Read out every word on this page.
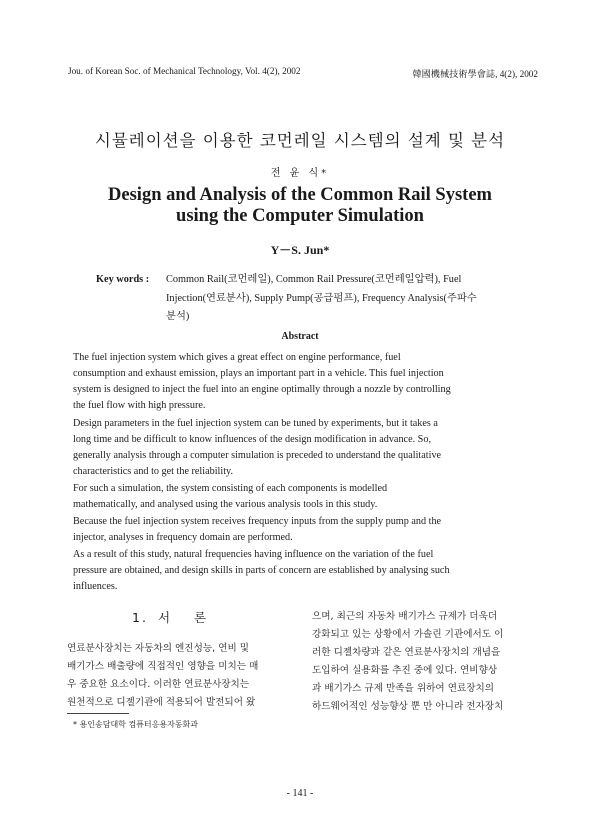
Jou. of Korean Soc. of Mechanical Technology, Vol. 4(2), 2002	韓國機械技術學會誌, 4(2), 2002
시뮬레이션을 이용한 코먼레일 시스템의 설계 및 분석
전 윤 식*
Design and Analysis of the Common Rail System
using the Computer Simulation
Y－S. Jun*
Key words : Common Rail(코먼레일), Common Rail Pressure(코먼레일압력), Fuel
Injection(연료분사), Supply Pump(공급펌프), Frequency Analysis(주파수
분석)
Abstract
The fuel injection system which gives a great effect on engine performance, fuel
consumption and exhaust emission, plays an important part in a vehicle. This fuel injection
system is designed to inject the fuel into an engine optimally through a nozzle by controlling
the fuel flow with high pressure.
Design parameters in the fuel injection system can be tuned by experiments, but it takes a
long time and be difficult to know influences of the design modification in advance. So,
generally analysis through a computer simulation is preceded to understand the qualitative
characteristics and to get the reliability.
For such a simulation, the system consisting of each components is modelled
mathematically, and analysed using the various analysis tools in this study.
Because the fuel injection system receives frequency inputs from the supply pump and the
injector, analyses in frequency domain are performed.
As a result of this study, natural frequencies having influence on the variation of the fuel
pressure are obtained, and design skills in parts of concern are established by analysing such
influences.
1. 서 론
연료분사장치는 자동차의 엔진성능, 연비 및
배기가스 배출량에 직접적인 영향을 미치는 매
우 중요한 요소이다. 이러한 연료분사장치는
원천적으로 디젤기관에 적용되어 발전되어 왔
으며, 최근의 자동차 배기가스 규제가 더욱더
강화되고 있는 상황에서 가솔린 기관에서도 이
러한 디젤차량과 같은 연료분사장치의 개념을
도입하여 실용화를 추진 중에 있다. 연비향상
과 배기가스 규제 만족을 위하여 연료장치의
하드웨어적인 성능향상 뿐 만 아니라 전자장치
* 용인송담대학 컴퓨터응용자동화과
- 141 -
